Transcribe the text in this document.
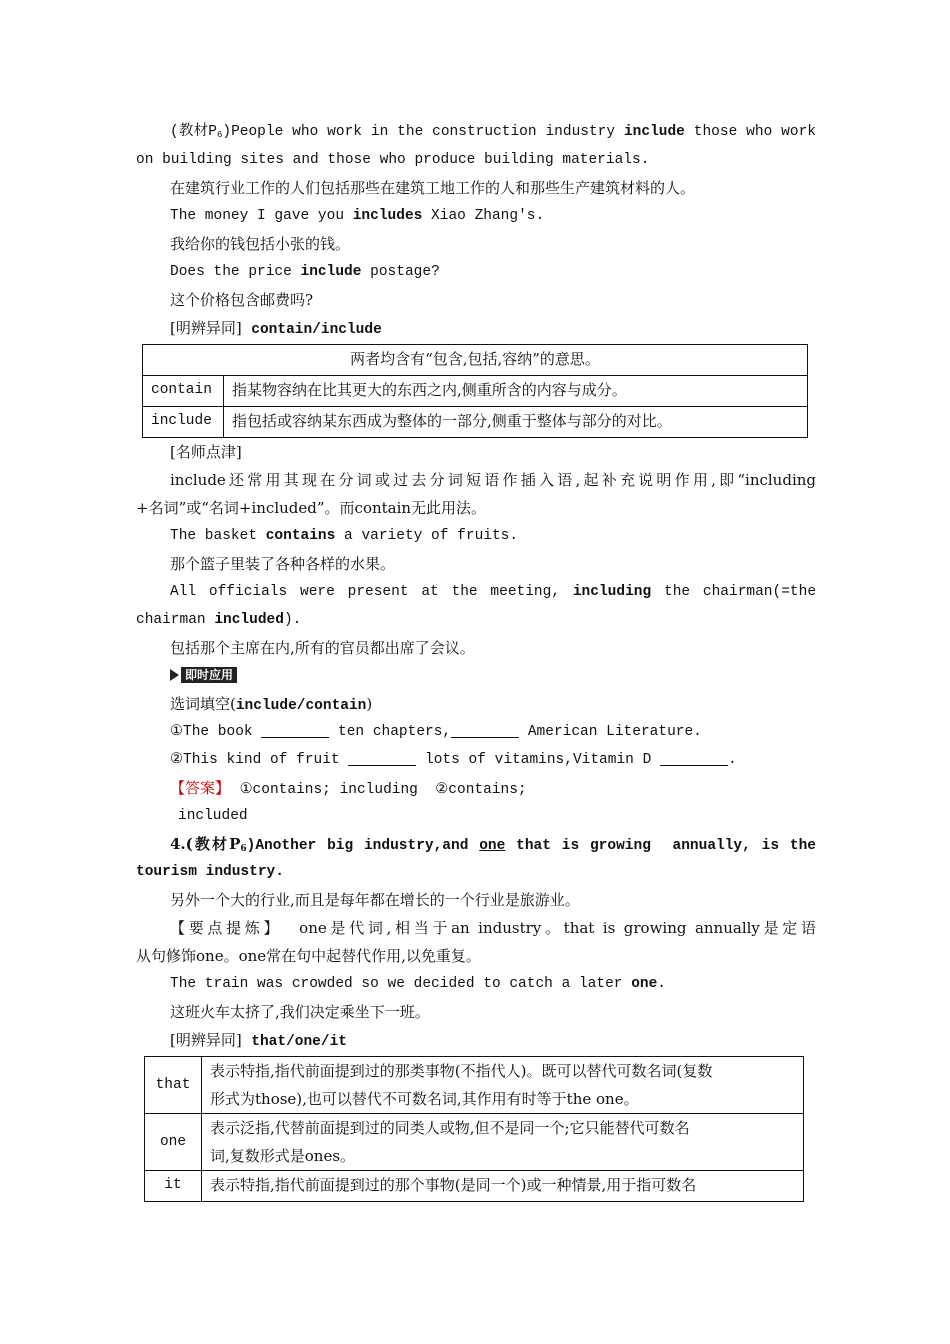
(教材$P_6)People$ who work in the construction industry include those who work

on building sites and those who produce building materials.

在建筑行业工作的人们包括那些在建筑工地工作的人和那些生产建筑材料的人。

The money I gave you includes Xiao Zhang's.

我给你的钱包括小张的钱。

Does the price include postage?

这个价格包含邮费吗?

[明辨异同] contain/include

两者均含有“包含,包括,容纳”的意思。	
contain	指某物容纳在比其更大的东西之内,侧重所含的内容与成分。
include	指包括或容纳某东西成为整体的一部分,侧重于整体与部分的对比。

[名师点津]

include还常用其现在分词或过去分词短语作插入语,起补充说明作用,即“including

+名词”或“名词+included”。而contain无此用法。

The basket contains a variety of fruits.

那个篮子里装了各种各样的水果。

All officials were present at the meeting, including the chairman(=the

chairman included).

包括那个主席在内,所有的官员都出席了会议。

即时应用

选词填空(include/contain)

①The book	ten chapters,	American Literature.

②This kind of fruit	lots of vitamins,Vitamin D	.

【答案】 ①contains; including  ②contains;

included

4.(教材$P_6)Another$ big industry,and one that is growing  annually, is the

tourism industry.

另外一个大的行业,而且是每年都在增长的一个行业是旅游业。

【要点提炼】  one是代词,相当于an industry。that is growing annually是定语

从句修饰one。one常在句中起替代作用,以免重复。

The train was crowded so we decided to catch a later one.

这班火车太挤了,我们决定乘坐下一班。

[明辨异同] that/one/it

that	表示特指,指代前面提到过的那类事物(不指代人)。既可以替代可数名词(复数
形式为those),也可以替代不可数名词,其作用有时等于the one。

one	表示泛指,代替前面提到过的同类人或物,但不是同一个;它只能替代可数名
词,复数形式是ones。

it	表示特指,指代前面提到过的那个事物(是同一个)或一种情景,用于指可数名
